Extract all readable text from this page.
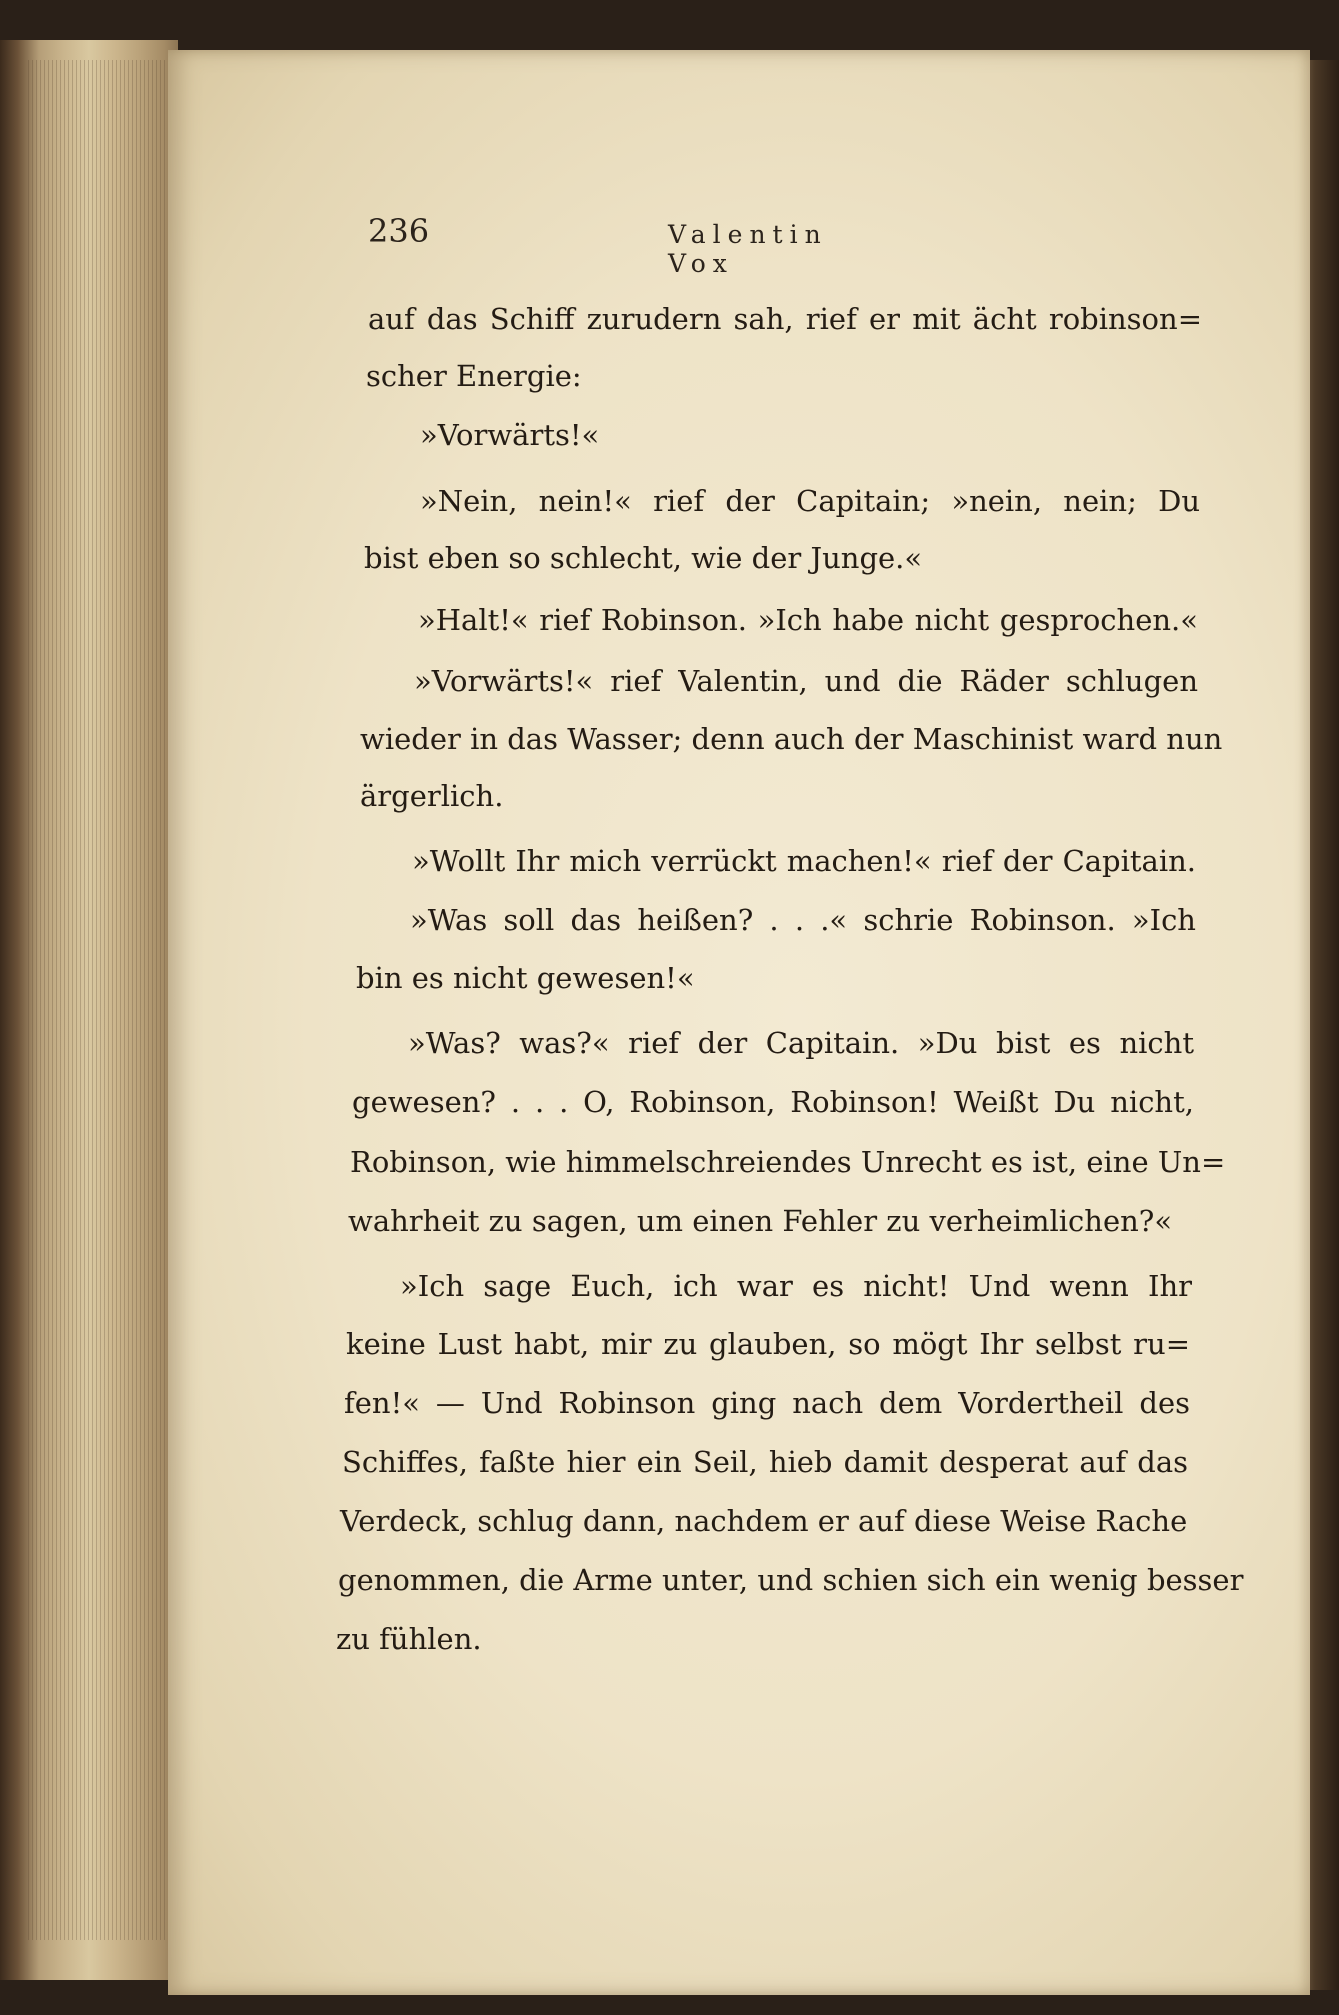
236	Valentin Vox
auf das Schiff zurudern sah, rief er mit ächt robinson=
scher Energie:
»Vorwärts!«
»Nein, nein!« rief der Capitain; »nein, nein; Du
bist eben so schlecht, wie der Junge.«
»Halt!« rief Robinson. »Ich habe nicht gesprochen.«
»Vorwärts!« rief Valentin, und die Räder schlugen
wieder in das Wasser; denn auch der Maschinist ward nun
ärgerlich.
»Wollt Ihr mich verrückt machen!« rief der Capitain.
»Was soll das heißen? . . .« schrie Robinson. »Ich
bin es nicht gewesen!«
»Was? was?« rief der Capitain. »Du bist es nicht
gewesen? . . . O, Robinson, Robinson! Weißt Du nicht,
Robinson, wie himmelschreiendes Unrecht es ist, eine Un=
wahrheit zu sagen, um einen Fehler zu verheimlichen?«
»Ich sage Euch, ich war es nicht! Und wenn Ihr
keine Lust habt, mir zu glauben, so mögt Ihr selbst ru=
fen!« — Und Robinson ging nach dem Vordertheil des
Schiffes, faßte hier ein Seil, hieb damit desperat auf das
Verdeck, schlug dann, nachdem er auf diese Weise Rache
genommen, die Arme unter, und schien sich ein wenig besser
zu fühlen.
